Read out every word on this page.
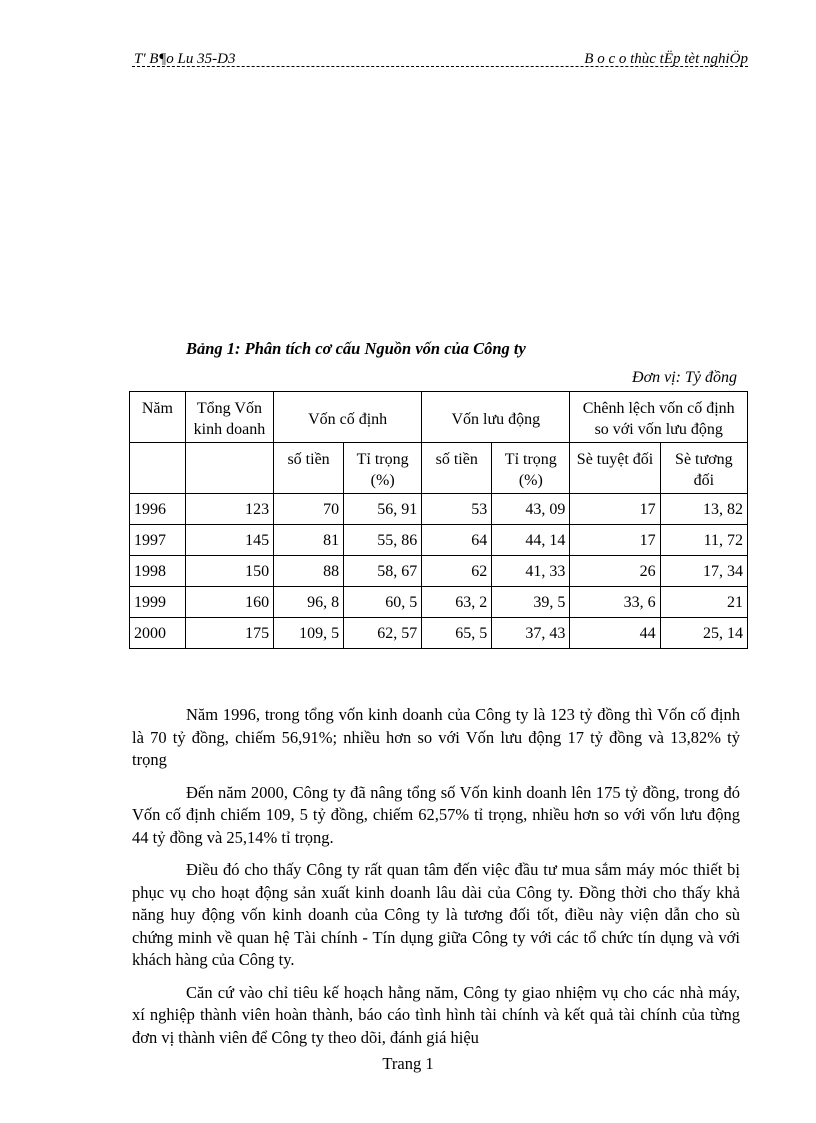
T' B¶o Lu 35-D3	B o c o thùc tËp tèt nghiÖp
Bảng 1: Phân tích cơ cấu Nguồn vốn của Công ty
Đơn vị: Tỷ đồng
Năm	Tổng Vốn kinh doanh	Vốn cố định		Vốn lưu động		Chênh lệch vốn cố định so với vốn lưu động	
		số tiền	Tỉ trọng (%)	số tiền	Tỉ trọng (%)	Sè tuyệt đối	Sè tương đối
1996	123	70	56, 91	53	43, 09	17	13, 82
1997	145	81	55, 86	64	44, 14	17	11, 72
1998	150	88	58, 67	62	41, 33	26	17, 34
1999	160	96, 8	60, 5	63, 2	39, 5	33, 6	21
2000	175	109, 5	62, 57	65, 5	37, 43	44	25, 14

Năm 1996, trong tổng vốn kinh doanh của Công ty là 123 tỷ đồng thì Vốn cố định là 70 tỷ đồng, chiếm 56,91%; nhiều hơn so với Vốn lưu động 17 tỷ đồng và 13,82% tỷ trọng

Đến năm 2000, Công ty đã nâng tổng số Vốn kinh doanh lên 175 tỷ đồng, trong đó Vốn cố định chiếm 109, 5 tỷ đồng, chiếm 62,57% tỉ trọng, nhiều hơn so với vốn lưu động 44 tỷ đồng và 25,14% tỉ trọng.

Điều đó cho thấy Công ty rất quan tâm đến việc đầu tư mua sắm máy móc thiết bị phục vụ cho hoạt động sản xuất kinh doanh lâu dài của Công ty. Đồng thời cho thấy khả năng huy động vốn kinh doanh của Công ty là tương đối tốt, điều này viện dẫn cho sù chứng minh về quan hệ Tài chính - Tín dụng giữa Công ty với các tổ chức tín dụng và với khách hàng của Công ty.

Căn cứ vào chỉ tiêu kế hoạch hằng năm, Công ty giao nhiệm vụ cho các nhà máy, xí nghiệp thành viên hoàn thành, báo cáo tình hình tài chính và kết quả tài chính của từng đơn vị thành viên để Công ty theo dõi, đánh giá hiệu

Trang 1
